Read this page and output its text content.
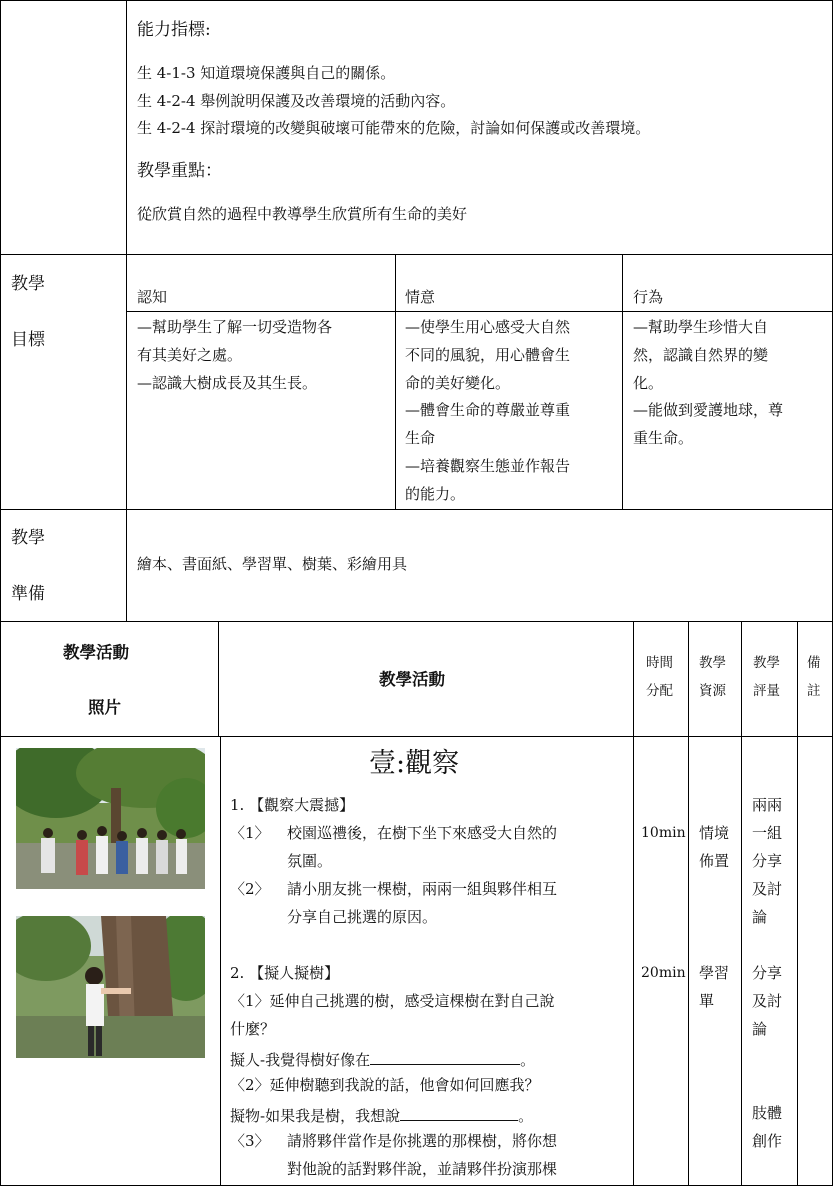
能力指標:
生 4-1-3 知道環境保護與自己的關係。
生 4-2-4 舉例說明保護及改善環境的活動內容。
生 4-2-4 探討環境的改變與破壞可能帶來的危險，討論如何保護或改善環境。
教學重點：
從欣賞自然的過程中教導學生欣賞所有生命的美好
教學
目標
認知
—幫助學生了解一切受造物各
有其美好之處。
—認識大樹成長及其生長。
情意
—使學生用心感受大自然
不同的風貌，用心體會生
命的美好變化。
—體會生命的尊嚴並尊重
生命
—培養觀察生態並作報告
的能力。
行為
—幫助學生珍惜大自
然，認識自然界的變
化。
—能做到愛護地球，尊
重生命。
教學
準備
繪本、書面紙、學習單、樹葉、彩繪用具
教學活動
照片
教學活動
時間
分配
教學
資源
教學
評量
備
註
壹:觀察
1. 【觀察大震撼】
〈1〉 校園巡禮後，在樹下坐下來感受大自然的
氛圍。
〈2〉 請小朋友挑一棵樹，兩兩一組與夥伴相互
分享自己挑選的原因。
2. 【擬人擬樹】
〈1〉延伸自己挑選的樹，感受這棵樹在對自己說
什麼？
擬人-我覺得樹好像在	。
〈2〉延伸樹聽到我說的話，他會如何回應我？
擬物-如果我是樹，我想說	。
〈3〉 請將夥伴當作是你挑選的那棵樹，將你想
對他說的話對夥伴說，並請夥伴扮演那棵
10min
20min
情境
佈置
學習
單
兩兩
一組
分享
及討
論
分享
及討
論
肢體
創作
